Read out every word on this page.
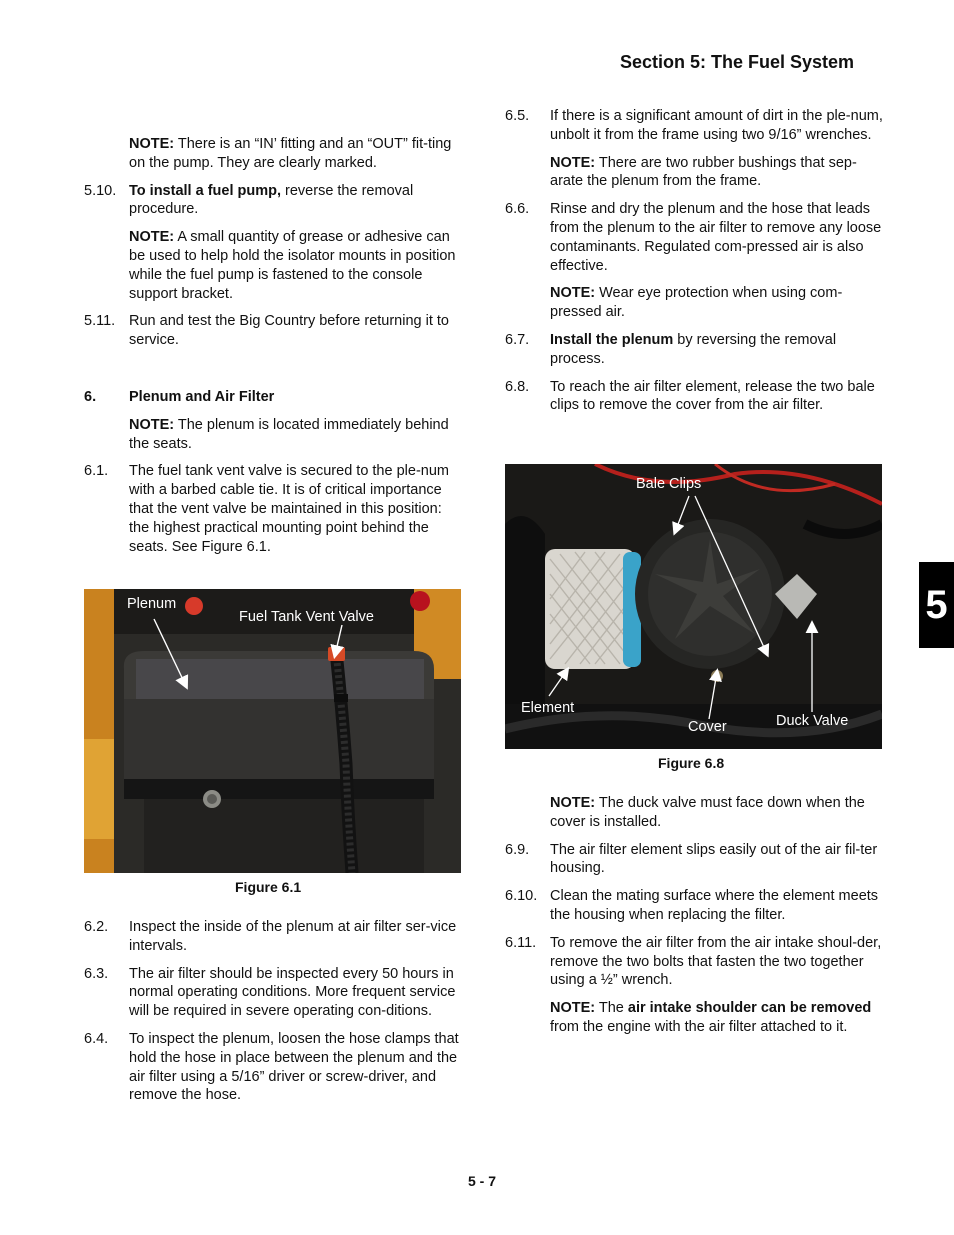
Section 5: The Fuel System
NOTE: There is an “IN’ fitting and an “OUT” fit-ting on the pump. They are clearly marked.
5.10. To install a fuel pump, reverse the removal procedure.
NOTE: A small quantity of grease or adhesive can be used to help hold the isolator mounts in position while the fuel pump is fastened to the console support bracket.
5.11. Run and test the Big Country before returning it to service.
6.	Plenum and Air Filter
NOTE: The plenum is located immediately behind the seats.
6.1.	The fuel tank vent valve is secured to the ple-num with a barbed cable tie. It is of critical importance that the vent valve be maintained in this position: the highest practical mounting point behind the seats. See Figure 6.1.
Plenum
Fuel Tank Vent Valve
Figure 6.1
6.2.	Inspect the inside of the plenum at air filter ser-vice intervals.
6.3.	The air filter should be inspected every 50 hours in normal operating conditions. More frequent service will be required in severe operating con-ditions.
6.4.	To inspect the plenum, loosen the hose clamps that hold the hose in place between the plenum and the air filter using a 5/16” driver or screw-driver, and remove the hose.
6.5.	If there is a significant amount of dirt in the ple-num, unbolt it from the frame using two 9/16” wrenches.
NOTE: There are two rubber bushings that sep-arate the plenum from the frame.
6.6.	Rinse and dry the plenum and the hose that leads from the plenum to the air filter to remove any loose contaminants. Regulated com-pressed air is also effective.
NOTE: Wear eye protection when using com-pressed air.
6.7.	Install the plenum by reversing the removal process.
6.8.	To reach the air filter element, release the two bale clips to remove the cover from the air filter.
Bale Clips
Element
Cover	Duck Valve
Figure 6.8
NOTE: The duck valve must face down when the cover is installed.
6.9.	The air filter element slips easily out of the air fil-ter housing.
6.10. Clean the mating surface where the element meets the housing when replacing the filter.
6.11. To remove the air filter from the air intake shoul-der, remove the two bolts that fasten the two together using a ½” wrench.
NOTE: The air intake shoulder can be removed from the engine with the air filter attached to it.
5
5 - 7
